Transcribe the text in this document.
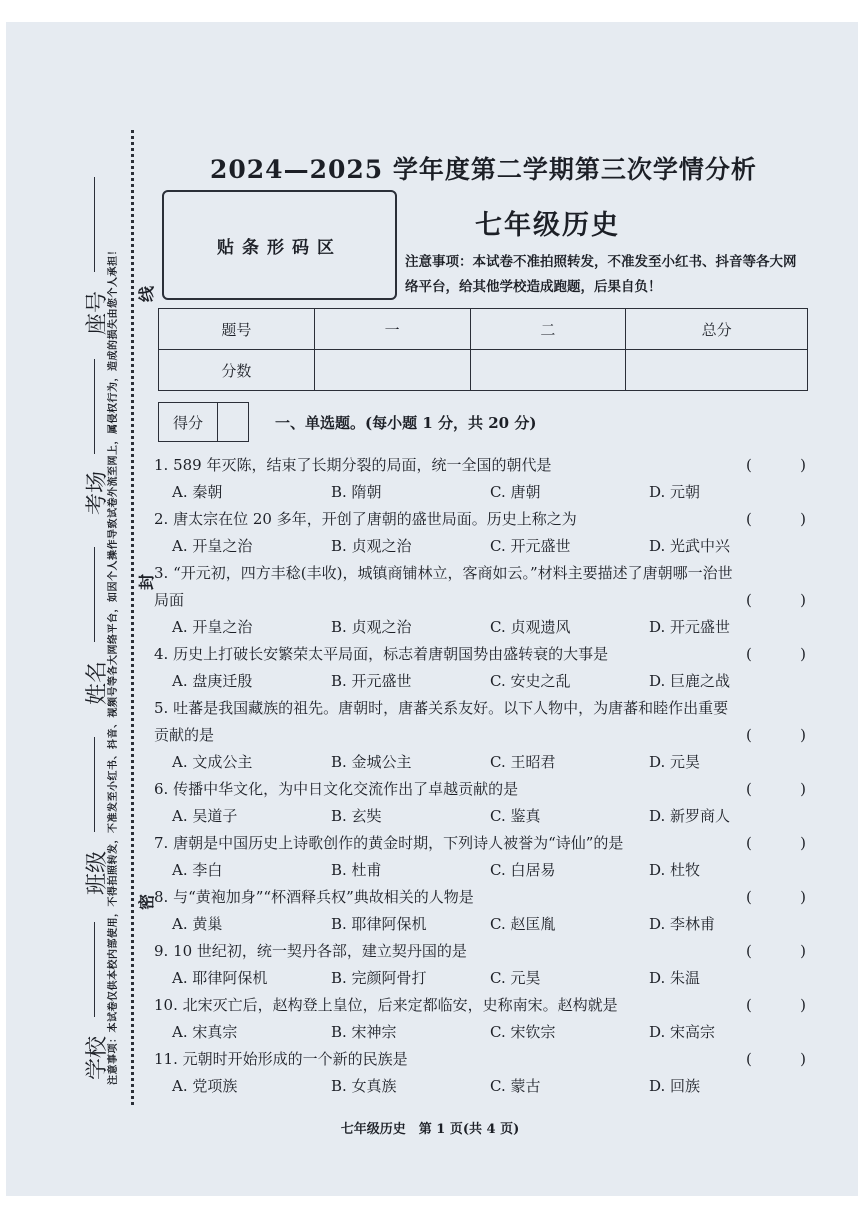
座号
考场
姓名
班级
学校
注意事项：本试卷仅供本校内部使用，不得拍照转发，不准发至小红书、抖音、视频号等各大网络平台，如因个人操作导致试卷外流至网上，属侵权行为，造成的损失由您个人承担！ 线
封
密
2024—2025 学年度第二学期第三次学情分析
贴条形码区
七年级历史
注意事项：本试卷不准拍照转发，不准发至小红书、抖音等各大网络平台，给其他学校造成跑题，后果自负！
题号	一	二	总分
分数			
得分	一、单选题。(每小题 1 分，共 20 分)
1. 589 年灭陈，结束了长期分裂的局面，统一全国的朝代是	(	)
A. 秦朝	B. 隋朝	C. 唐朝	D. 元朝
2. 唐太宗在位 20 多年，开创了唐朝的盛世局面。历史上称之为	(	)
A. 开皇之治	B. 贞观之治	C. 开元盛世	D. 光武中兴
3. “开元初，四方丰稔(丰收)，城镇商铺林立，客商如云。”材料主要描述了唐朝哪一治世局面	(	)
A. 开皇之治	B. 贞观之治	C. 贞观遗风	D. 开元盛世
4. 历史上打破长安繁荣太平局面，标志着唐朝国势由盛转衰的大事是	(	)
A. 盘庚迁殷	B. 开元盛世	C. 安史之乱	D. 巨鹿之战
5. 吐蕃是我国藏族的祖先。唐朝时，唐蕃关系友好。以下人物中，为唐蕃和睦作出重要贡献的是	(	)
A. 文成公主	B. 金城公主	C. 王昭君	D. 元昊
6. 传播中华文化，为中日文化交流作出了卓越贡献的是	(	)
A. 吴道子	B. 玄奘	C. 鉴真	D. 新罗商人
7. 唐朝是中国历史上诗歌创作的黄金时期，下列诗人被誉为“诗仙”的是	(	)
A. 李白	B. 杜甫	C. 白居易	D. 杜牧
8. 与“黄袍加身”“杯酒释兵权”典故相关的人物是	(	)
A. 黄巢	B. 耶律阿保机	C. 赵匡胤	D. 李林甫
9. 10 世纪初，统一契丹各部，建立契丹国的是	(	)
A. 耶律阿保机	B. 完颜阿骨打	C. 元昊	D. 朱温
10. 北宋灭亡后，赵构登上皇位，后来定都临安，史称南宋。赵构就是	(	)
A. 宋真宗	B. 宋神宗	C. 宋钦宗	D. 宋高宗
11. 元朝时开始形成的一个新的民族是	(	)
A. 党项族	B. 女真族	C. 蒙古	D. 回族
七年级历史　第 1 页(共 4 页)
